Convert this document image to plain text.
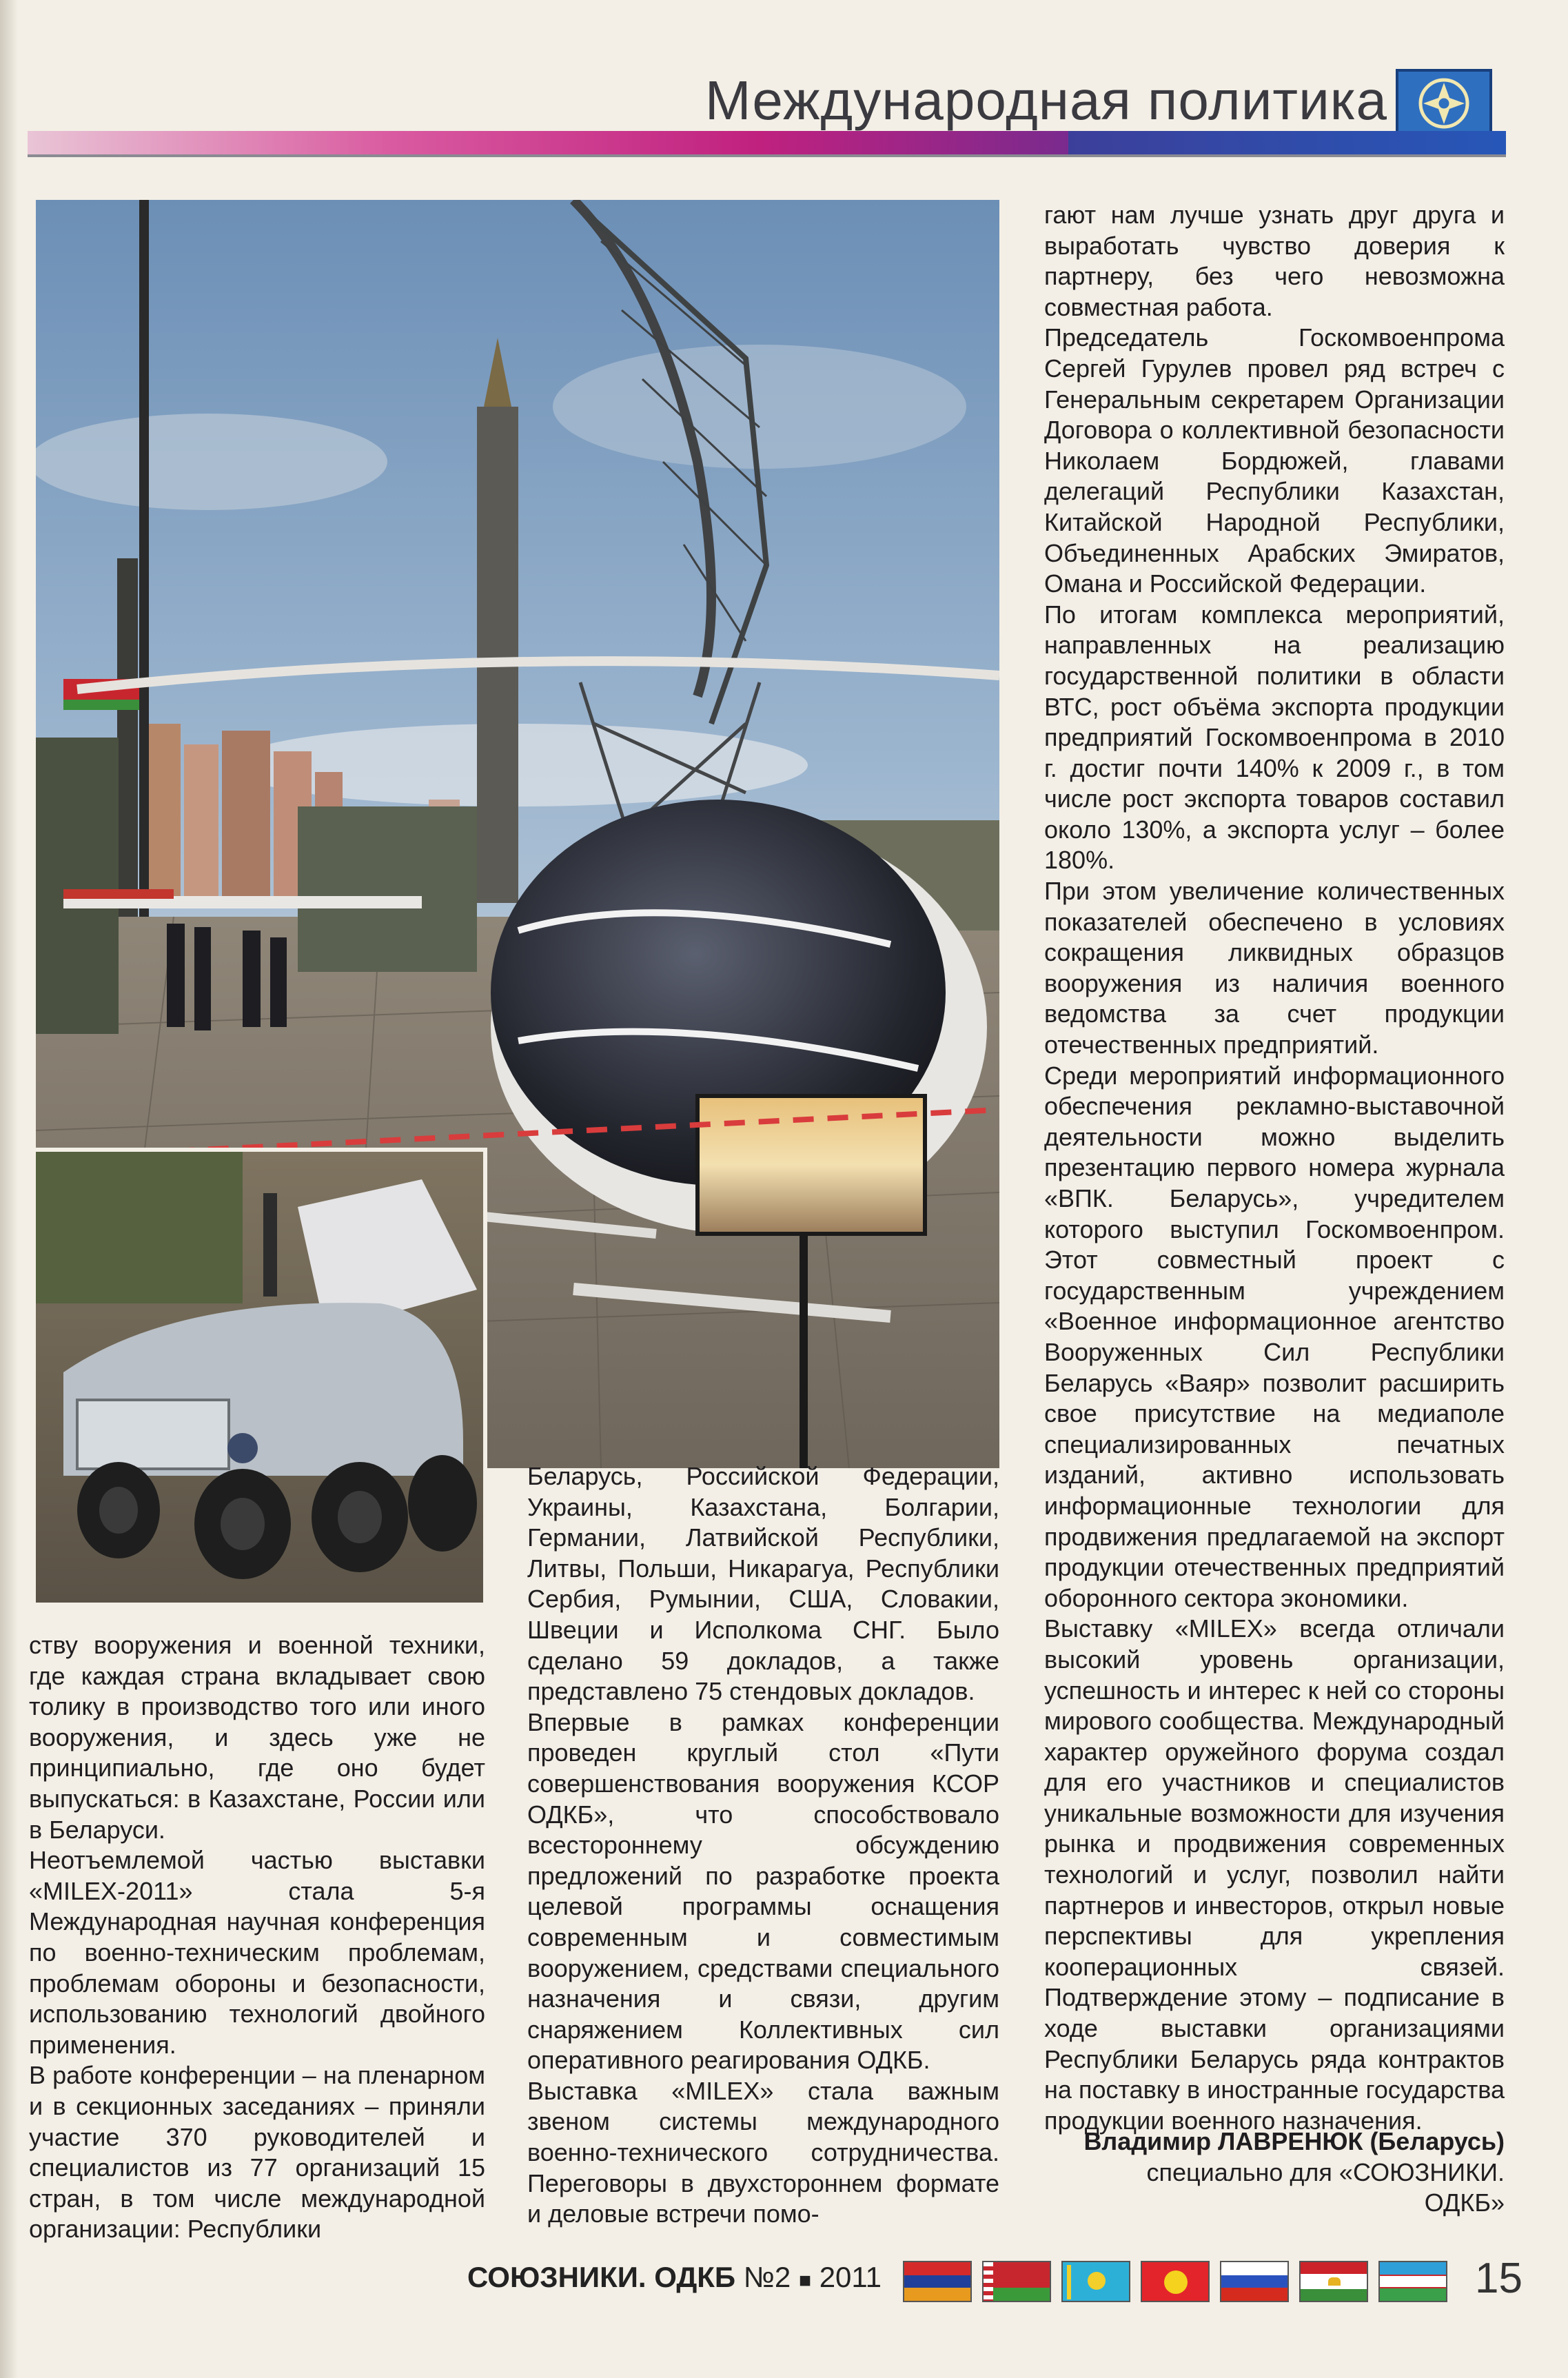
Международная политика

ству вооружения и военной техники, где каждая страна вкладывает свою толику в производство того или иного вооружения, и здесь уже не принципиально, где оно будет выпускаться: в Казахстане, России или в Беларуси.

Неотъемлемой частью выставки «MILEX-2011» стала 5-я Международная научная конференция по военно-техническим проблемам, проблемам обороны и безопасности, использованию технологий двойного применения.

В работе конференции – на пленарном и в секционных заседаниях – приняли участие 370 руководителей и специалистов из 77 организаций 15 стран, в том числе международной организации: Республики

Беларусь, Российской Федерации, Украины, Казахстана, Болгарии, Германии, Латвийской Республики, Литвы, Польши, Никарагуа, Республики Сербия, Румынии, США, Словакии, Швеции и Исполкома СНГ. Было сделано 59 докладов, а также представлено 75 стендовых докладов.

Впервые в рамках конференции проведен круглый стол «Пути совершенствования вооружения КСОР ОДКБ», что способствовало всестороннему обсуждению предложений по разработке проекта целевой программы оснащения современным и совместимым вооружением, средствами специального назначения и связи, другим снаряжением Коллективных сил оперативного реагирования ОДКБ.

Выставка «MILEX» стала важным звеном системы международного военно-технического сотрудничества. Переговоры в двухстороннем формате и деловые встречи помо-

гают нам лучше узнать друг друга и выработать чувство доверия к партнеру, без чего невозможна совместная работа.

Председатель Госкомвоенпрома Сергей Гурулев провел ряд встреч с Генеральным секретарем Организации Договора о коллективной безопасности Николаем Бордюжей, главами делегаций Республики Казахстан, Китайской Народной Республики, Объединенных Арабских Эмиратов, Омана и Российской Федерации.

По итогам комплекса мероприятий, направленных на реализацию государственной политики в области ВТС, рост объёма экспорта продукции предприятий Госкомвоенпрома в 2010 г. достиг почти 140% к 2009 г., в том числе рост экспорта товаров составил около 130%, а экспорта услуг – более 180%.

При этом увеличение количественных показателей обеспечено в условиях сокращения ликвидных образцов вооружения из наличия военного ведомства за счет продукции отечественных предприятий.

Среди мероприятий информационного обеспечения рекламно-выставочной деятельности можно выделить презентацию первого номера журнала «ВПК. Беларусь», учредителем которого выступил Госкомвоенпром. Этот совместный проект с государственным учреждением «Военное информационное агентство Вооруженных Сил Республики Беларусь «Ваяр» позволит расширить свое присутствие на медиаполе специализированных печатных изданий, активно использовать информационные технологии для продвижения предлагаемой на экспорт продукции отечественных предприятий оборонного сектора экономики.

Выставку «MILEX» всегда отличали высокий уровень организации, успешность и интерес к ней со стороны мирового сообщества. Международный характер оружейного форума создал для его участников и специалистов уникальные возможности для изучения рынка и продвижения современных технологий и услуг, позволил найти партнеров и инвесторов, открыл новые перспективы для укрепления кооперационных связей. Подтверждение этому – подписание в ходе выставки организациями Республики Беларусь ряда контрактов на поставку в иностранные государства продукции военного назначения.

Владимир ЛАВРЕНЮК (Беларусь)
специально для «СОЮЗНИКИ.
ОДКБ»
СОЮЗНИКИ. ОДКБ №2 ■ 2011	15
